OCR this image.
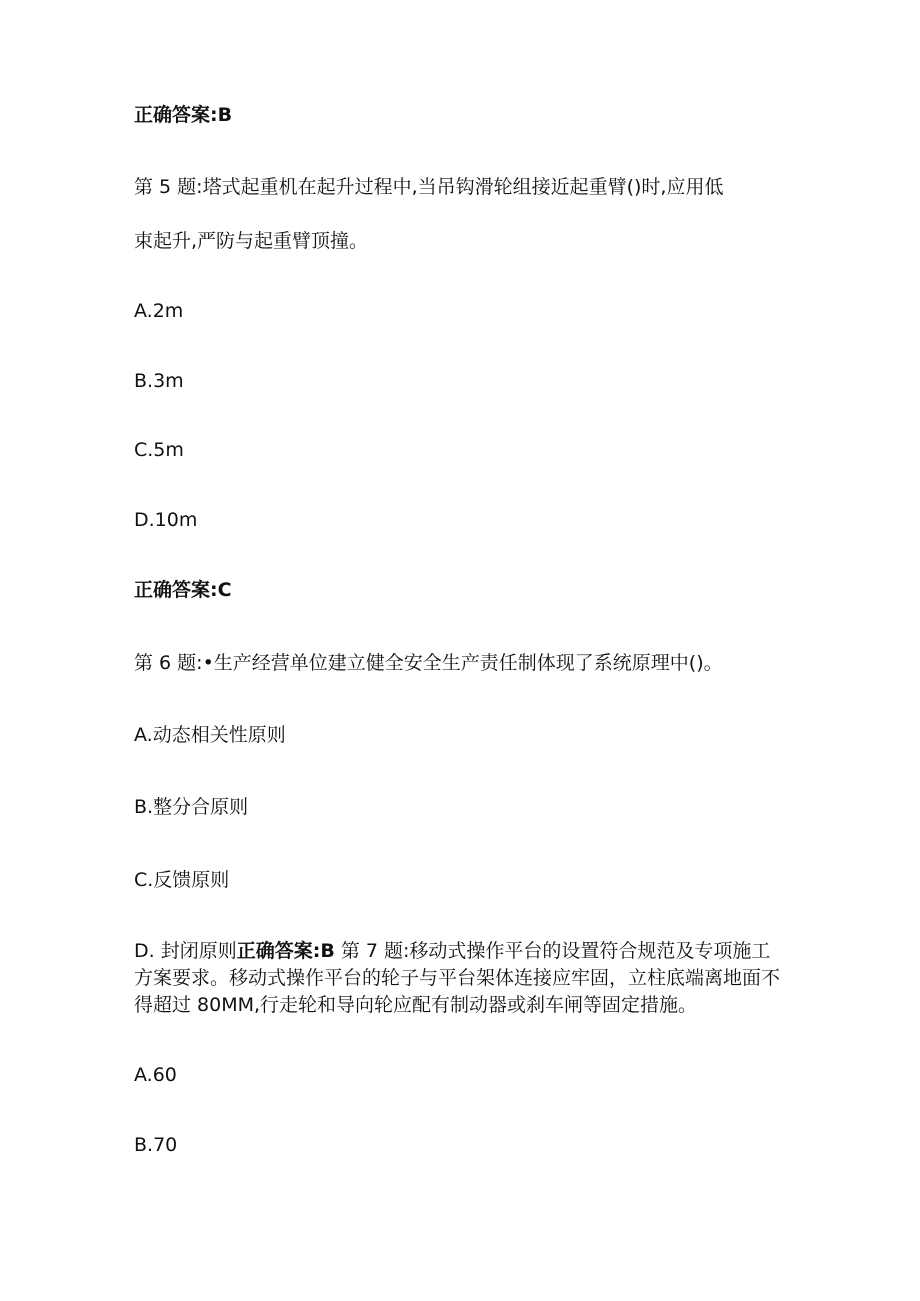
正确答案:B
第 5 题:塔式起重机在起升过程中,当吊钩滑轮组接近起重臂()时,应用低
束起升,严防与起重臂顶撞。
A.2m
B.3m
C.5m
D.10m
正确答案:C
第 6 题:•生产经营单位建立健全安全生产责任制体现了系统原理中()。
A.动态相关性原则
B.整分合原则
C.反馈原则
D. 封闭原则正确答案:B 第 7 题:移动式操作平台的设置符合规范及专项施工方案要求。移动式操作平台的轮子与平台架体连接应牢固，立柱底端离地面不得超过 80MM,行走轮和导向轮应配有制动器或刹车闸等固定措施。
A.60
B.70
